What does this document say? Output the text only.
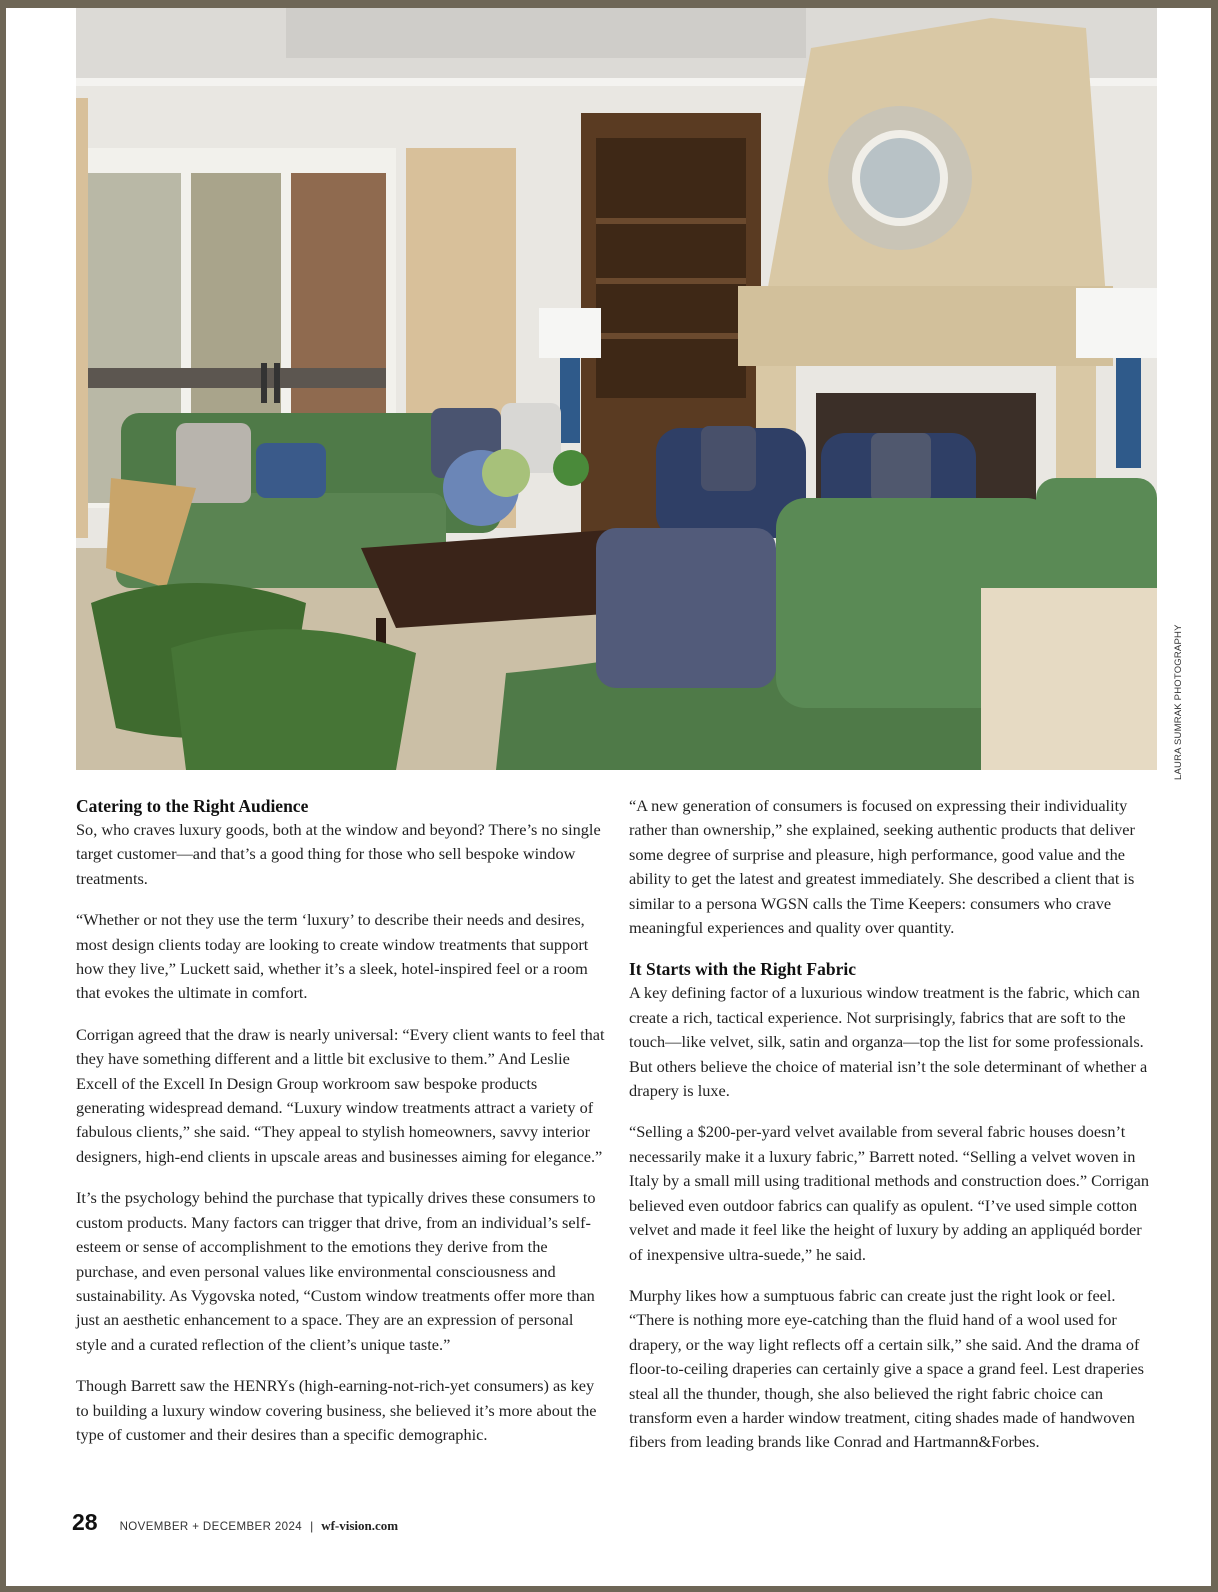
LAURA SUMRAK PHOTOGRAPHY
Catering to the Right Audience

So, who craves luxury goods, both at the window and beyond? There’s no single target customer—and that’s a good thing for those who sell bespoke window treatments.

“Whether or not they use the term ‘luxury’ to describe their needs and desires, most design clients today are looking to create window treatments that support how they live,” Luckett said, whether it’s a sleek, hotel-inspired feel or a room that evokes the ultimate in comfort.

Corrigan agreed that the draw is nearly universal: “Every client wants to feel that they have something different and a little bit exclusive to them.” And Leslie Excell of the Excell In Design Group workroom saw bespoke products generating widespread demand. “Luxury window treatments attract a variety of fabulous clients,” she said. “They appeal to stylish homeowners, savvy interior designers, high-end clients in upscale areas and businesses aiming for elegance.”

It’s the psychology behind the purchase that typically drives these consumers to custom products. Many factors can trigger that drive, from an individual’s self-esteem or sense of accomplishment to the emotions they derive from the purchase, and even personal values like environmental consciousness and sustainability. As Vygovska noted, “Custom window treatments offer more than just an aesthetic enhancement to a space. They are an expression of personal style and a curated reflection of the client’s unique taste.”

Though Barrett saw the HENRYs (high-earning-not-rich-yet consumers) as key to building a luxury window covering business, she believed it’s more about the type of customer and their desires than a specific demographic.

“A new generation of consumers is focused on expressing their individuality rather than ownership,” she explained, seeking authentic products that deliver some degree of surprise and pleasure, high performance, good value and the ability to get the latest and greatest immediately. She described a client that is similar to a persona WGSN calls the Time Keepers: consumers who crave meaningful experiences and quality over quantity.

It Starts with the Right Fabric

A key defining factor of a luxurious window treatment is the fabric, which can create a rich, tactical experience. Not surprisingly, fabrics that are soft to the touch—like velvet, silk, satin and organza—top the list for some professionals. But others believe the choice of material isn’t the sole determinant of whether a drapery is luxe.

“Selling a $200-per-yard velvet available from several fabric houses doesn’t necessarily make it a luxury fabric,” Barrett noted. “Selling a velvet woven in Italy by a small mill using traditional methods and construction does.” Corrigan believed even outdoor fabrics can qualify as opulent. “I’ve used simple cotton velvet and made it feel like the height of luxury by adding an appliquéd border of inexpensive ultra-suede,” he said.

Murphy likes how a sumptuous fabric can create just the right look or feel. “There is nothing more eye-catching than the fluid hand of a wool used for drapery, or the way light reflects off a certain silk,” she said. And the drama of floor-to-ceiling draperies can certainly give a space a grand feel. Lest draperies steal all the thunder, though, she also believed the right fabric choice can transform even a harder window treatment, citing shades made of handwoven fibers from leading brands like Conrad and Hartmann&Forbes.

28 NOVEMBER + DECEMBER 2024 | wf-vision.com
